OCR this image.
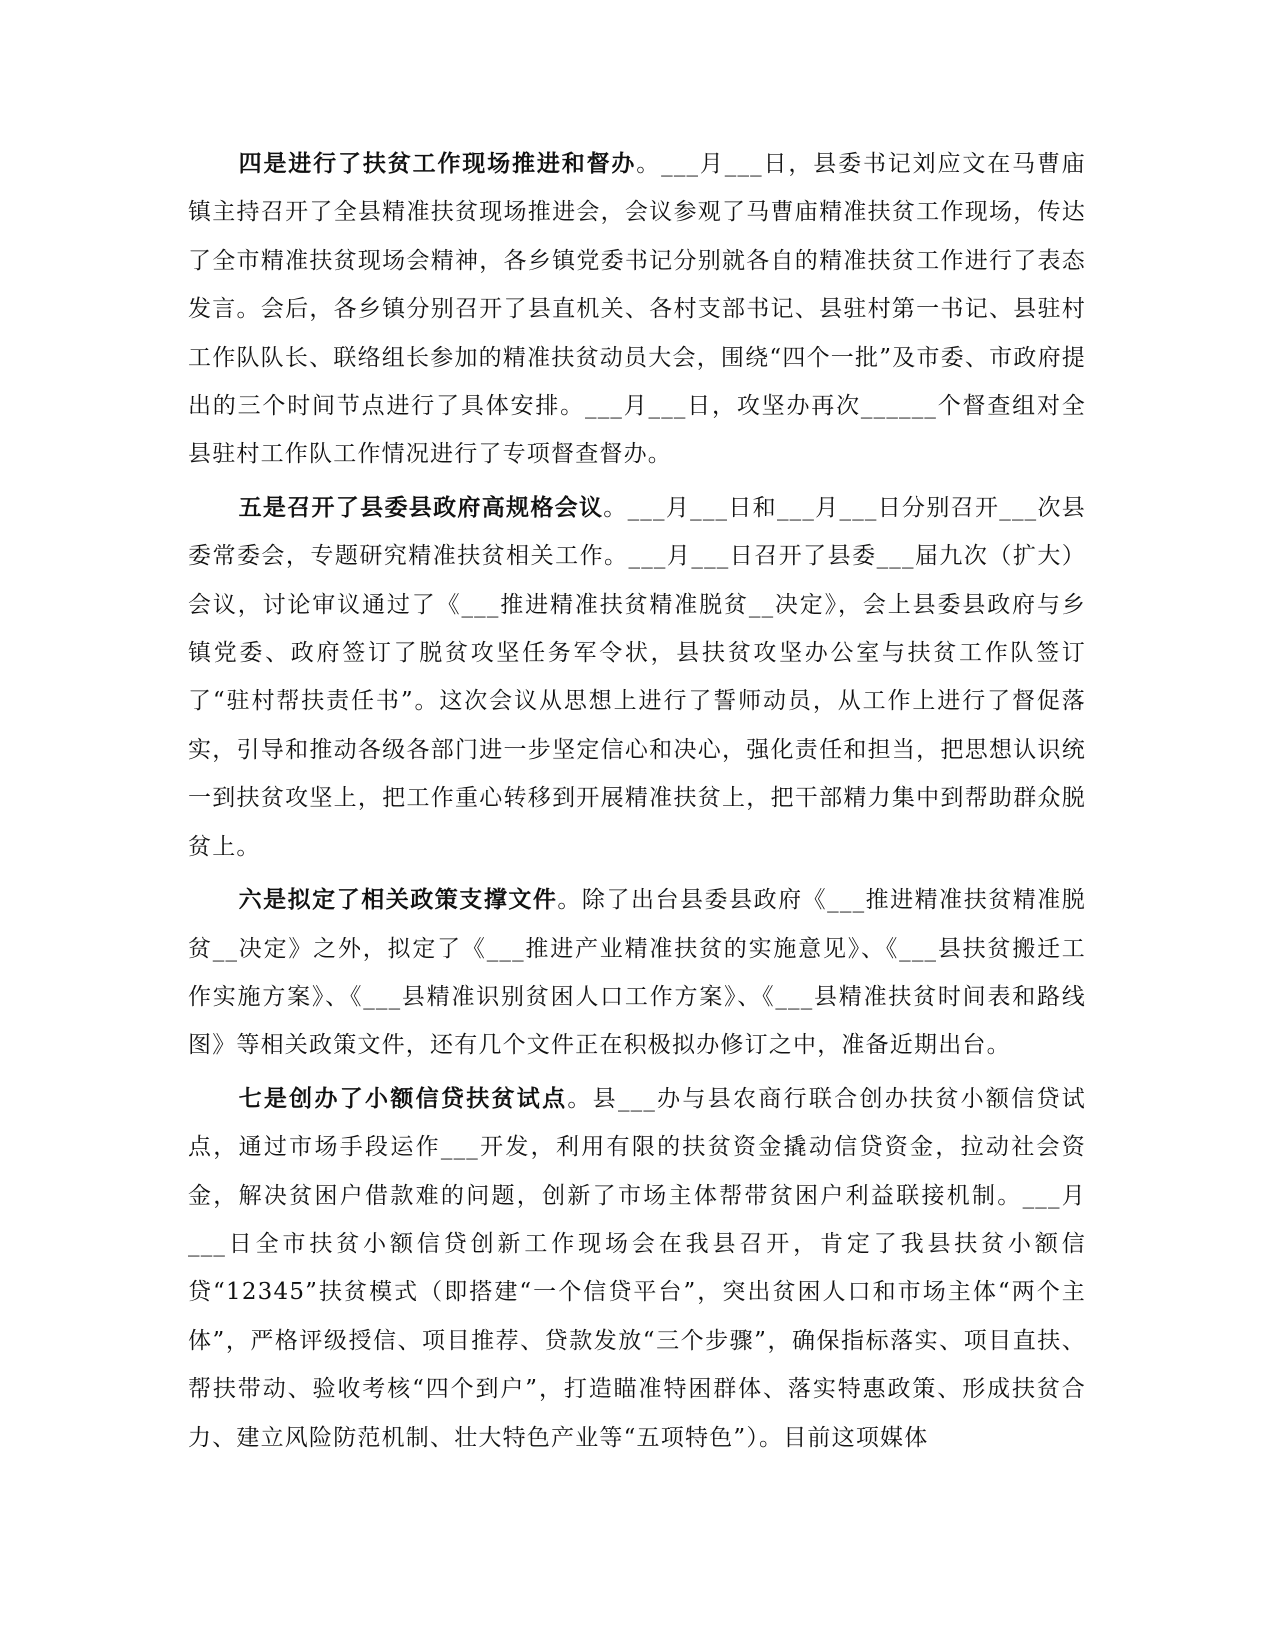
四是进行了扶贫工作现场推进和督办。___月___日，县委书记刘应文在马曹庙镇主持召开了全县精准扶贫现场推进会，会议参观了马曹庙精准扶贫工作现场，传达了全市精准扶贫现场会精神，各乡镇党委书记分别就各自的精准扶贫工作进行了表态发言。会后，各乡镇分别召开了县直机关、各村支部书记、县驻村第一书记、县驻村工作队队长、联络组长参加的精准扶贫动员大会，围绕“四个一批”及市委、市政府提出的三个时间节点进行了具体安排。___月___日，攻坚办再次______个督查组对全县驻村工作队工作情况进行了专项督查督办。

五是召开了县委县政府高规格会议。___月___日和___月___日分别召开___次县委常委会，专题研究精准扶贫相关工作。___月___日召开了县委___届九次（扩大）会议，讨论审议通过了《___推进精准扶贫精准脱贫__决定》，会上县委县政府与乡镇党委、政府签订了脱贫攻坚任务军令状，县扶贫攻坚办公室与扶贫工作队签订了“驻村帮扶责任书”。这次会议从思想上进行了誓师动员，从工作上进行了督促落实，引导和推动各级各部门进一步坚定信心和决心，强化责任和担当，把思想认识统一到扶贫攻坚上，把工作重心转移到开展精准扶贫上，把干部精力集中到帮助群众脱贫上。

六是拟定了相关政策支撑文件。除了出台县委县政府《___推进精准扶贫精准脱贫__决定》之外，拟定了《___推进产业精准扶贫的实施意见》、《___县扶贫搬迁工作实施方案》、《___县精准识别贫困人口工作方案》、《___县精准扶贫时间表和路线图》等相关政策文件，还有几个文件正在积极拟办修订之中，准备近期出台。

七是创办了小额信贷扶贫试点。县___办与县农商行联合创办扶贫小额信贷试点，通过市场手段运作___开发，利用有限的扶贫资金撬动信贷资金，拉动社会资金，解决贫困户借款难的问题，创新了市场主体帮带贫困户利益联接机制。___月___日全市扶贫小额信贷创新工作现场会在我县召开，肯定了我县扶贫小额信贷“12345”扶贫模式（即搭建“一个信贷平台”，突出贫困人口和市场主体“两个主体”，严格评级授信、项目推荐、贷款发放“三个步骤”，确保指标落实、项目直扶、帮扶带动、验收考核“四个到户”，打造瞄准特困群体、落实特惠政策、形成扶贫合力、建立风险防范机制、壮大特色产业等“五项特色”）。目前这项媒体
